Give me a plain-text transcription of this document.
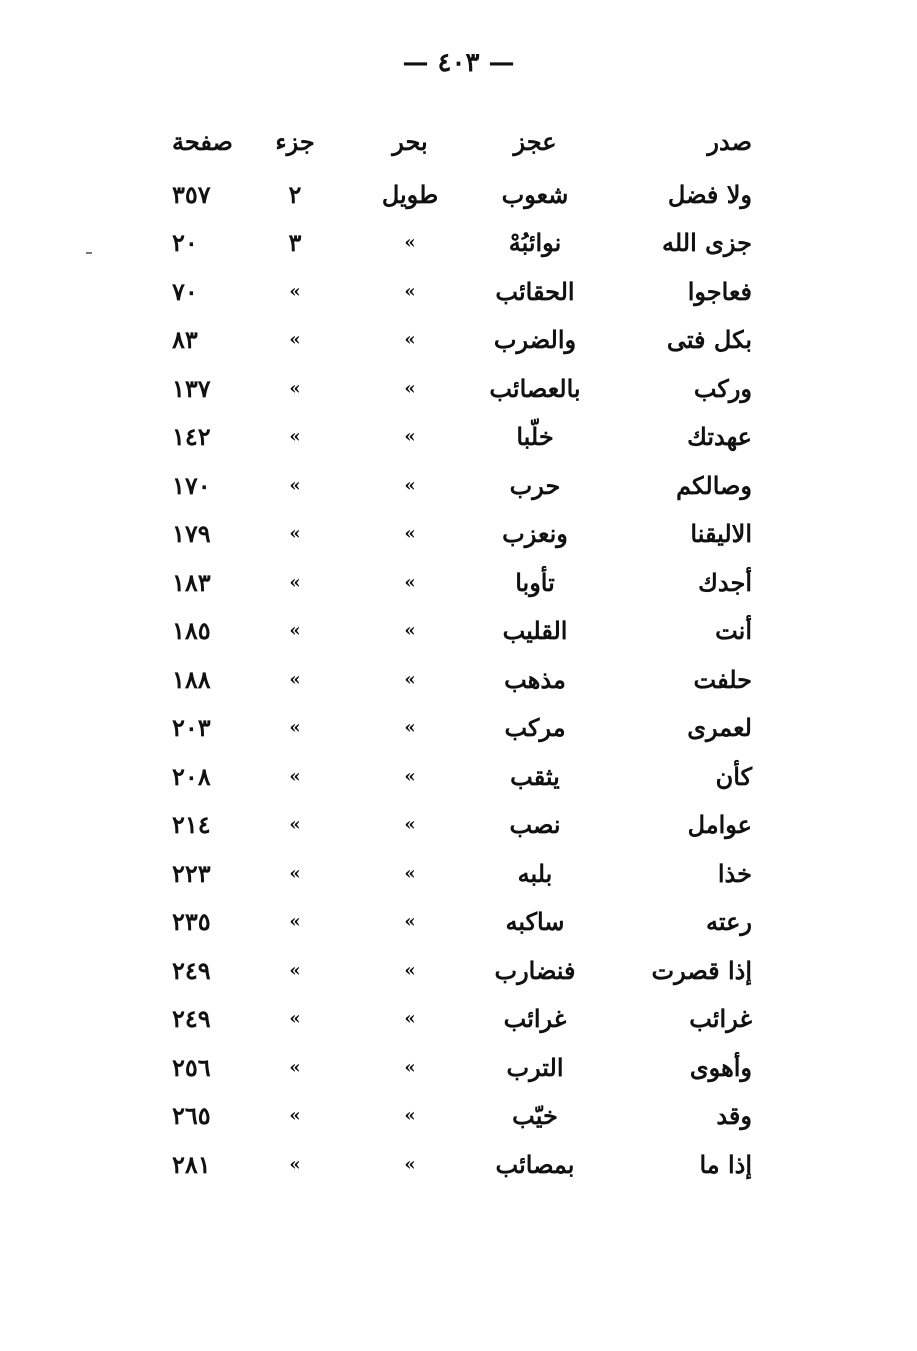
— ٤٠٣ —
صدر
عجز
بحر
جزء
صفحة
ولا فضل
شعوب
طويل
٢
٣٥٧
جزى الله
نوائبُهْ
»
٣
٢٠
فعاجوا
الحقائب
»
»
٧٠
بكل فتى
والضرب
»
»
٨٣
وركب
بالعصائب
»
»
١٣٧
عهدتك
خلّبا
»
»
١٤٢
وصالكم
حرب
»
»
١٧٠
الاليقنا
ونعزب
»
»
١٧٩
أجدك
تأوبا
»
»
١٨٣
أنت
القليب
»
»
١٨٥
حلفت
مذهب
»
»
١٨٨
لعمرى
مركب
»
»
٢٠٣
كأن
يثقب
»
»
٢٠٨
عوامل
نصب
»
»
٢١٤
خذا
بلبه
»
»
٢٢٣
رعته
ساكبه
»
»
٢٣٥
إذا قصرت
فنضارب
»
»
٢٤٩
غرائب
غرائب
»
»
٢٤٩
وأهوى
الترب
»
»
٢٥٦
وقد
خيّب
»
»
٢٦٥
إذا ما
بمصائب
»
»
٢٨١
